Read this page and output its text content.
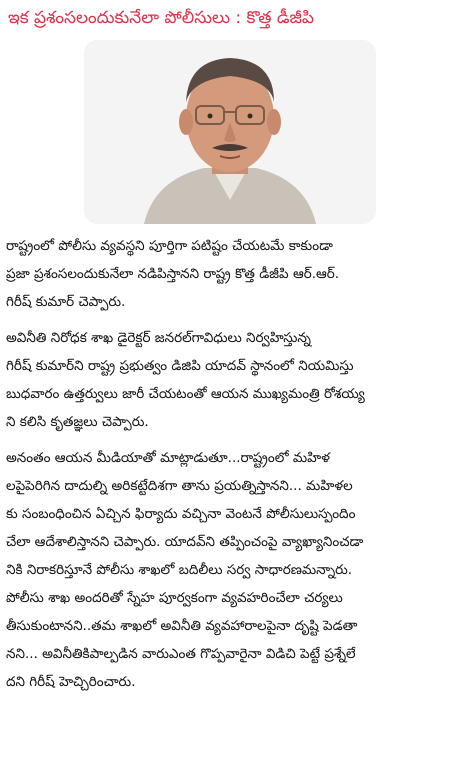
ఇక ప్రశంసలందుకునేలా పోలీసులు : కొత్త డీజీపి
రాష్ట్రంలో పోలీసు వ్యవస్థని పూర్తిగా పటిష్టం చేయటమే కాకుండా
ప్రజా ప్రశంసలందుకునేలా నడిపిస్తానని రాష్ట్ర కొత్త డీజీపి ఆర్.ఆర్.
గిరీష్ కుమార్ చెప్పారు.
అవినీతి నిరోధక శాఖ డైరెక్టర్ జనరల్‌గావిధులు నిర్వహిస్తున్న
గిరీష్ కుమార్‌ని రాష్ట్ర ప్రభుత్వం డిజిపి యాదవ్ స్థానంలో నియమిస్తు
బుధవారం ఉత్తర్వులు జారీ చేయటంతో ఆయన ముఖ్యమంత్రి రోశయ్య
ని కలిసి కృతజ్ఞలు చెప్పారు.
అనంతం ఆయన మీడియాతో మాట్లాడుతూ...రాష్ట్రంలో మహిళ
లపైపెరిగిన దాదుల్ని అరికట్టేదిశగా తాను ప్రయత్నిస్తానని... మహిళల
కు సంబంధించిన ఏచ్చిన ఫిర్యాదు వచ్చినా వెంటనే పోలీసులుస్పందిం
చేలా ఆదేశాలిస్తానని చెప్పారు. యాదవ్‌ని తప్పించంపై వ్యాఖ్యానించడా
నికి నిరాకరిస్తూనే పోలీసు శాఖలో బదిలీలు సర్వ సాధారణమన్నారు.
పోలీసు శాఖ అందరితో స్నేహ పూర్వకంగా వ్యవహరించేలా చర్యలు
తీసుకుంటానని..తమ శాఖలో అవినీతి వ్యవహారాలపైనా దృష్టి పెడతా
నని... అవినీతికిపాల్పడిన వారుఎంత గొప్పవారైనా విడిచి పెట్టే ప్రశ్నేలే
దని గిరీష్ హెచ్చిరించారు.
